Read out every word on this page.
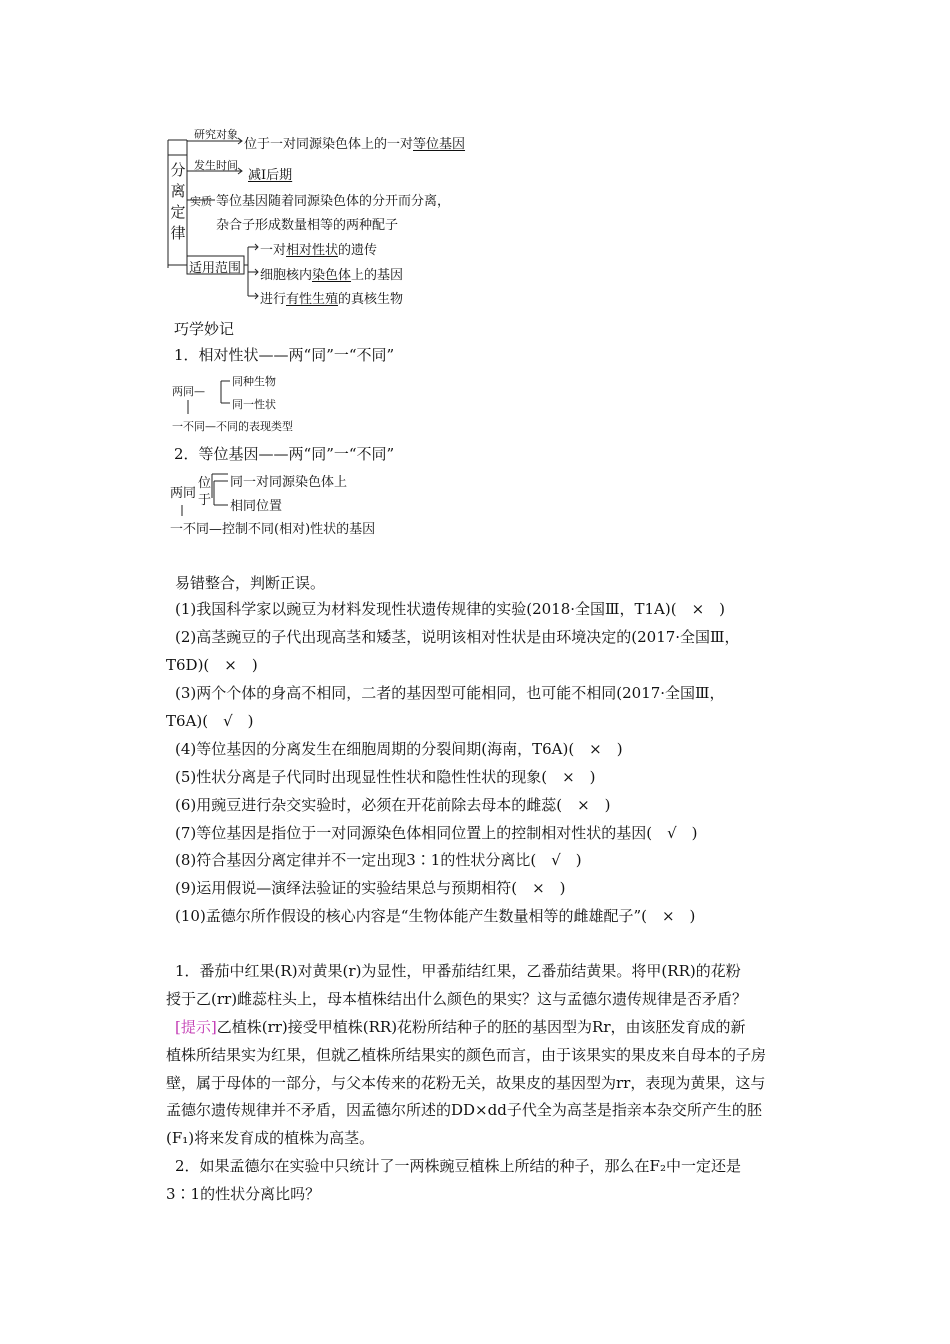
分
离
定
律
研究对象
位于一对同源染色体上的一对等位基因
发生时间
减Ⅰ后期
实质 等位基因随着同源染色体的分开而分离，
杂合子形成数量相等的两种配子
适用范围
一对相对性状的遗传
细胞核内染色体上的基因
进行有性生殖的真核生物
巧学妙记
1．相对性状——两“同”一“不同”
两同—
同种生物
同一性状
一不同—不同的表现类型
2．等位基因——两“同”一“不同”
两同
位
于
同一对同源染色体上
相同位置
一不同—控制不同(相对)性状的基因
易错整合，判断正误。
(1)我国科学家以豌豆为材料发现性状遗传规律的实验(2018·全国Ⅲ，T1A)(　×　)
(2)高茎豌豆的子代出现高茎和矮茎，说明该相对性状是由环境决定的(2017·全国Ⅲ，
T6D)(　×　)
(3)两个个体的身高不相同，二者的基因型可能相同，也可能不相同(2017·全国Ⅲ，
T6A)(　√　)
(4)等位基因的分离发生在细胞周期的分裂间期(海南，T6A)(　×　)
(5)性状分离是子代同时出现显性性状和隐性性状的现象(　×　)
(6)用豌豆进行杂交实验时，必须在开花前除去母本的雌蕊(　×　)
(7)等位基因是指位于一对同源染色体相同位置上的控制相对性状的基因(　√　)
(8)符合基因分离定律并不一定出现3∶1的性状分离比(　√　)
(9)运用假说—演绎法验证的实验结果总与预期相符(　×　)
(10)孟德尔所作假设的核心内容是“生物体能产生数量相等的雌雄配子”(　×　)
1．番茄中红果(R)对黄果(r)为显性，甲番茄结红果，乙番茄结黄果。将甲(RR)的花粉
授于乙(rr)雌蕊柱头上，母本植株结出什么颜色的果实？这与孟德尔遗传规律是否矛盾？
[提示]乙植株(rr)接受甲植株(RR)花粉所结种子的胚的基因型为Rr，由该胚发育成的新
植株所结果实为红果，但就乙植株所结果实的颜色而言，由于该果实的果皮来自母本的子房
壁，属于母体的一部分，与父本传来的花粉无关，故果皮的基因型为rr，表现为黄果，这与
孟德尔遗传规律并不矛盾，因孟德尔所述的DD×dd子代全为高茎是指亲本杂交所产生的胚
(F₁)将来发育成的植株为高茎。
2．如果孟德尔在实验中只统计了一两株豌豆植株上所结的种子，那么在F₂中一定还是
3∶1的性状分离比吗？
